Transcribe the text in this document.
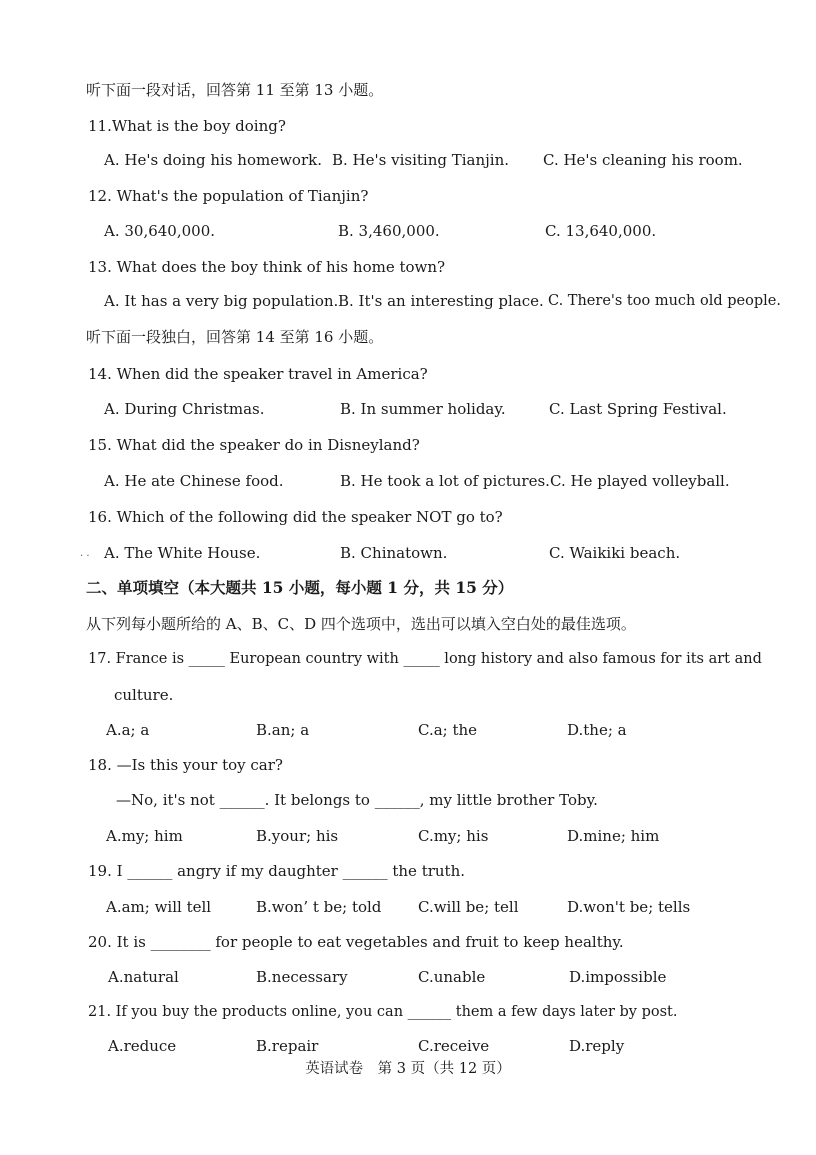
听下面一段对话，回答第 11 至第 13 小题。
11.What is the boy doing?
A. He's doing his homework. B. He's visiting Tianjin. C. He's cleaning his room.
12. What's the population of Tianjin?
A. 30,640,000.	B. 3,460,000.	C. 13,640,000.
13. What does the boy think of his home town?
A. It has a very big population. B. It's an interesting place. C. There's too much old people.
听下面一段独白，回答第 14 至第 16 小题。
14. When did the speaker travel in America?
A. During Christmas.	B. In summer holiday.	C. Last Spring Festival.
15. What did the speaker do in Disneyland?
A. He ate Chinese food.	B. He took a lot of pictures. C. He played volleyball.
16. Which of the following did the speaker NOT go to?
. . A. The White House.	B. Chinatown.	C. Waikiki beach.
二、单项填空（本大题共 15 小题，每小题 1 分，共 15 分）
从下列每小题所给的 A、B、C、D 四个选项中，选出可以填入空白处的最佳选项。
17. France is _____ European country with _____ long history and also famous for its art and
culture.
A.a; a	B.an; a	C.a; the	D.the; a
18. —Is this your toy car?
—No, it's not ______. It belongs to ______, my little brother Toby.
A.my; him	B.your; his	C.my; his	D.mine; him
19. I ______ angry if my daughter ______ the truth.
A.am; will tell	B.won’ t be; told C.will be; tell	D.won't be; tells
20. It is ________ for people to eat vegetables and fruit to keep healthy.
A.natural	B.necessary	C.unable	D.impossible
21. If you buy the products online, you can ______ them a few days later by post.
A.reduce	B.repair	C.receive	D.reply
英语试卷　第 3 页（共 12 页）
